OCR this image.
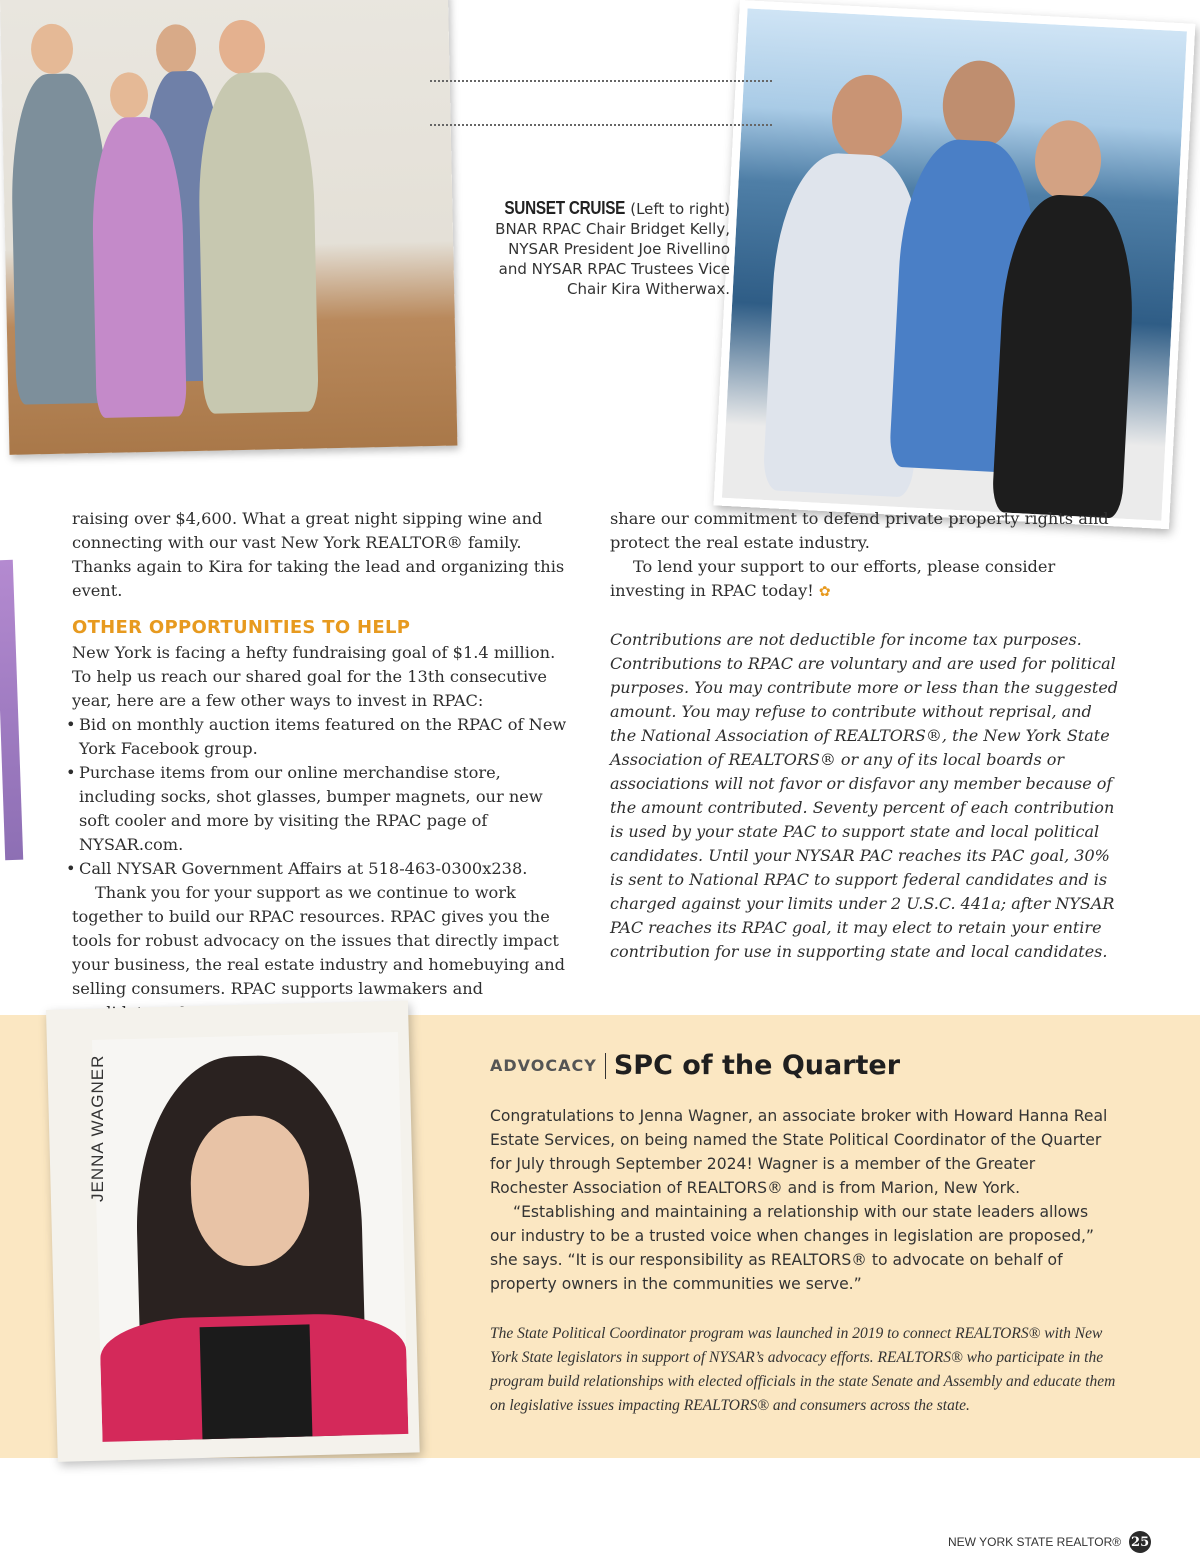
SUNSET CRUISE (Left to right) BNAR RPAC Chair Bridget Kelly, NYSAR President Joe Rivellino and NYSAR RPAC Trustees Vice Chair Kira Witherwax.

raising over $4,600. What a great night sipping wine and connecting with our vast New York REALTOR® family. Thanks again to Kira for taking the lead and organizing this event.

OTHER OPPORTUNITIES TO HELP

New York is facing a hefty fundraising goal of $1.4 million. To help us reach our shared goal for the 13th consecutive year, here are a few other ways to invest in RPAC:

• Bid on monthly auction items featured on the RPAC of New York Facebook group.
• Purchase items from our online merchandise store, including socks, shot glasses, bumper magnets, our new soft cooler and more by visiting the RPAC page of NYSAR.com.
• Call NYSAR Government Affairs at 518-463-0300x238.

Thank you for your support as we continue to work together to build our RPAC resources. RPAC gives you the tools for robust advocacy on the issues that directly impact your business, the real estate industry and homebuying and selling consumers. RPAC supports lawmakers and

share our commitment to defend private property rights and protect the real estate industry.

To lend your support to our efforts, please consider investing in RPAC today! ✿

Contributions are not deductible for income tax purposes. Contributions to RPAC are voluntary and are used for political purposes. You may contribute more or less than the suggested amount. You may refuse to contribute without reprisal, and the National Association of REALTORS®, the New York State Association of REALTORS® or any of its local boards or associations will not favor or disfavor any member because of the amount contributed. Seventy percent of each contribution is used by your state PAC to support state and local political candidates. Until your NYSAR PAC reaches its PAC goal, 30% is sent to National RPAC to support federal candidates and is charged against your limits under 2 U.S.C. 441a; after NYSAR PAC reaches its RPAC goal, it may elect to retain your entire contribution for use in supporting state and local candidates.

JENNA WAGNER	ADVOCACY SPC of the Quarter

Congratulations to Jenna Wagner, an associate broker with Howard Hanna Real Estate Services, on being named the State Political Coordinator of the Quarter for July through September 2024! Wagner is a member of the Greater Rochester Association of REALTORS® and is from Marion, New York.

“Establishing and maintaining a relationship with our state leaders allows our industry to be a trusted voice when changes in legislation are proposed,” she says. “It is our responsibility as REALTORS® to advocate on behalf of property owners in the communities we serve.”

The State Political Coordinator program was launched in 2019 to connect REALTORS® with New York State legislators in support of NYSAR’s advocacy efforts. REALTORS® who participate in the program build relationships with elected officials in the state Senate and Assembly and educate them on legislative issues impacting REALTORS® and consumers across the state.
NEW YORK STATE REALTOR® 25
